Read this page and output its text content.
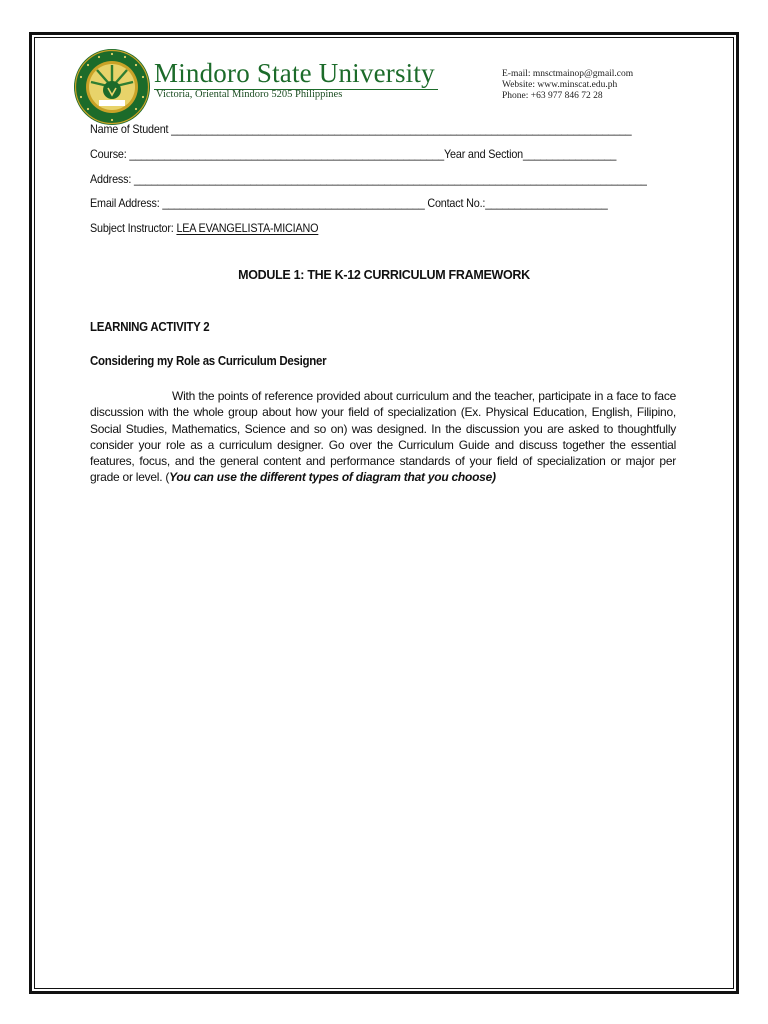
Mindoro State University
Victoria, Oriental Mindoro 5205 Philippines
E-mail: mnsctmainop@gmail.com
Website: www.minscat.edu.ph
Phone: +63 977 846 72 28
Name of Student _______________________________________________________________________________
Course: ______________________________________________________Year and Section________________
Address: ________________________________________________________________________________________
Email Address: _____________________________________________ Contact No.:_____________________
Subject Instructor: LEA EVANGELISTA-MICIANO
MODULE 1: THE K-12 CURRICULUM FRAMEWORK
LEARNING ACTIVITY 2
Considering my Role as Curriculum Designer
With the points of reference provided about curriculum and the teacher, participate in a face to face discussion with the whole group about how your field of specialization (Ex. Physical Education, English, Filipino, Social Studies, Mathematics, Science and so on) was designed. In the discussion you are asked to thoughtfully consider your role as a curriculum designer. Go over the Curriculum Guide and discuss together the essential features, focus, and the general content and performance standards of your field of specialization or major per grade or level. (You can use the different types of diagram that you choose)
